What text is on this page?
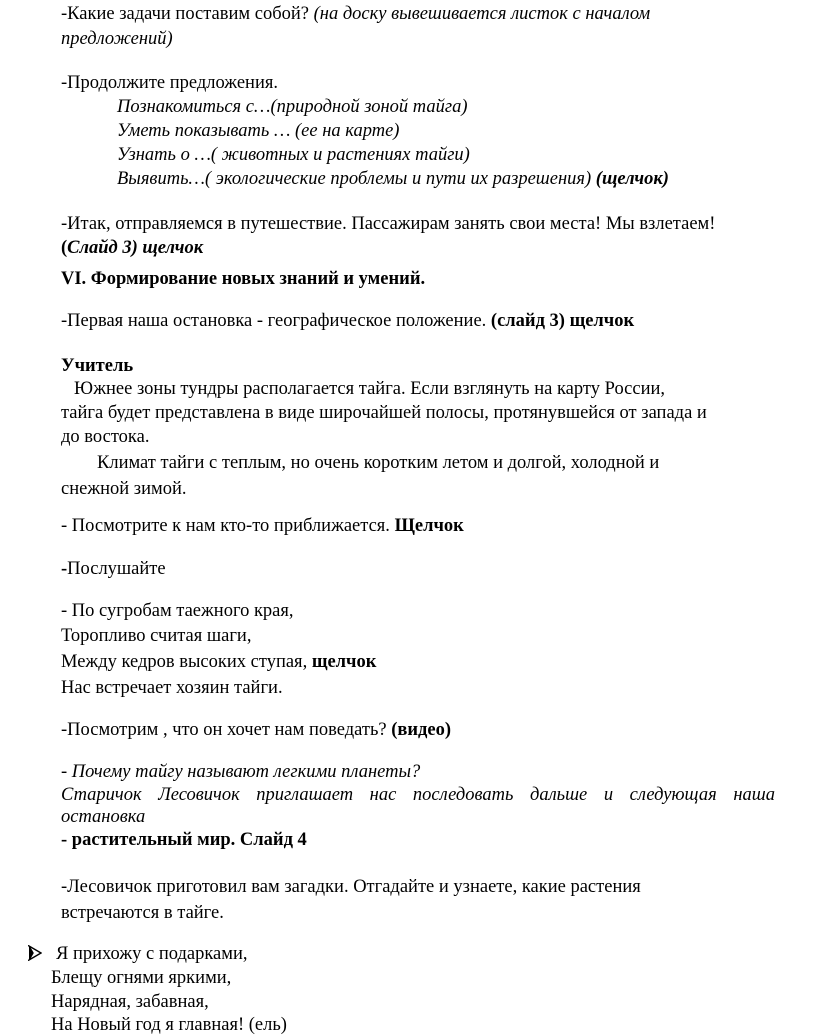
-Какие задачи поставим собой? (на доску вывешивается листок с началом
предложений)
-Продолжите предложения.
Познакомиться с…(природной зоной тайга)
Уметь показывать … (ее на карте)
Узнать о …( животных и растениях тайги)
Выявить…( экологические проблемы и пути их разрешения) (щелчок)
-Итак, отправляемся в путешествие. Пассажирам занять свои места! Мы взлетаем!
(Слайд 3) щелчок
VI. Формирование новых знаний и умений.
-Первая наша остановка - географическое положение. (слайд 3) щелчок
Учитель
Южнее зоны тундры располагается тайга. Если взглянуть на карту России,
тайга будет представлена в виде широчайшей полосы, протянувшейся от запада и
до востока.
Климат тайги с теплым, но очень коротким летом и долгой, холодной и
снежной зимой.
- Посмотрите к нам кто-то приближается. Щелчок
-Послушайте
- По сугробам таежного края,
Торопливо считая шаги,
Между кедров высоких ступая, щелчок
Нас встречает хозяин тайги.
-Посмотрим , что он хочет нам поведать? (видео)
- Почему тайгу называют легкими планеты?
Старичок Лесовичок приглашает нас последовать дальше и следующая наша
остановка
- растительный мир. Слайд 4
-Лесовичок приготовил вам загадки. Отгадайте и узнаете, какие растения
встречаются в тайге.
Я прихожу с подарками,
Блещу огнями яркими,
Нарядная, забавная,
На Новый год я главная! (ель)
